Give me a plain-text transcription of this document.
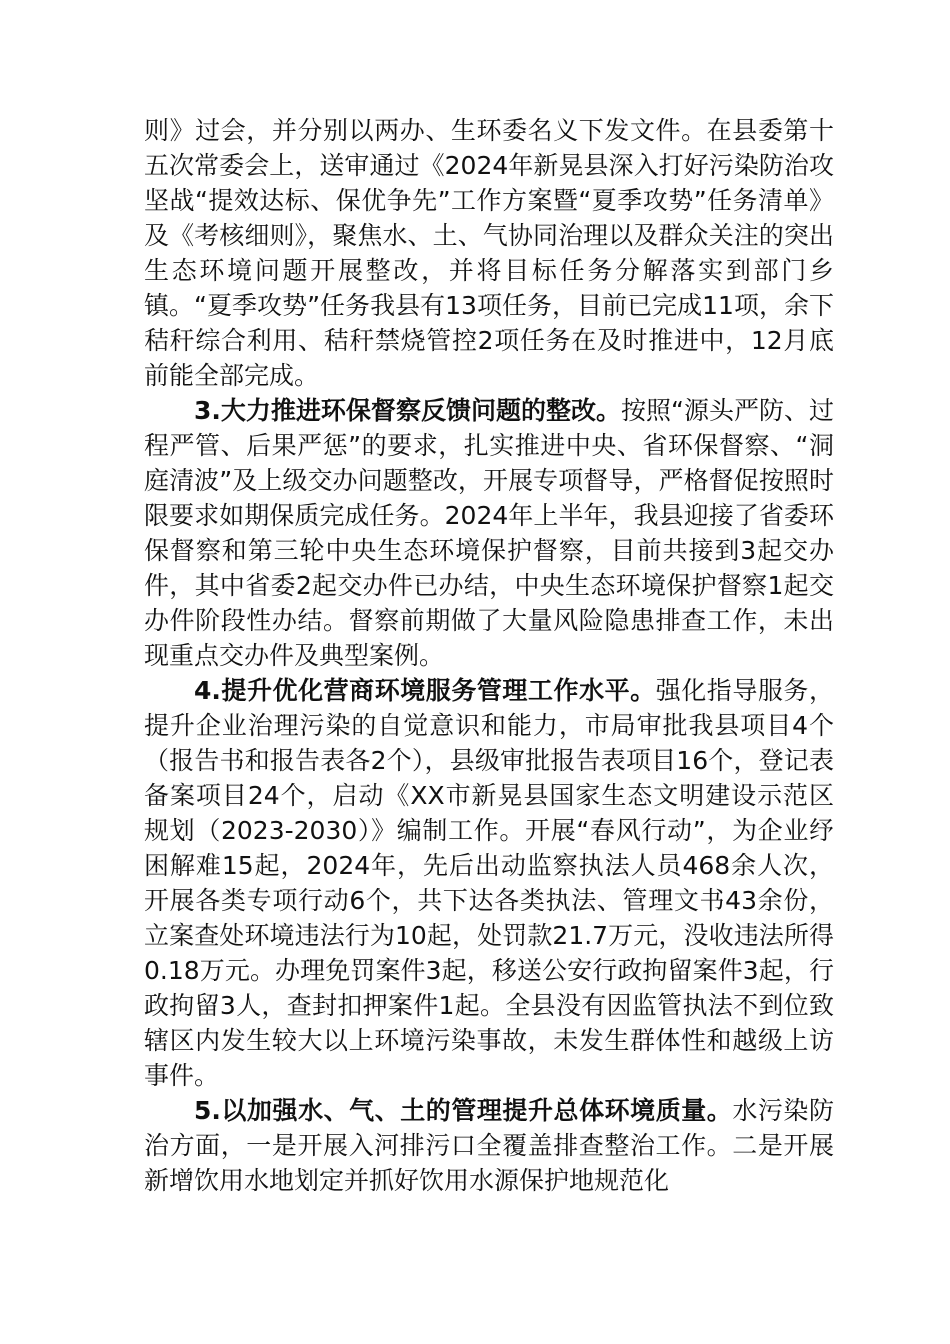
则》过会，并分别以两办、生环委名义下发文件。在县委第十五次常委会上，送审通过《2024年新晃县深入打好污染防治攻坚战“提效达标、保优争先”工作方案暨“夏季攻势”任务清单》及《考核细则》，聚焦水、土、气协同治理以及群众关注的突出生态环境问题开展整改，并将目标任务分解落实到部门乡镇。“夏季攻势”任务我县有13项任务，目前已完成11项，余下秸秆综合利用、秸秆禁烧管控2项任务在及时推进中，12月底前能全部完成。

3.大力推进环保督察反馈问题的整改。按照“源头严防、过程严管、后果严惩”的要求，扎实推进中央、省环保督察、“洞庭清波”及上级交办问题整改，开展专项督导，严格督促按照时限要求如期保质完成任务。2024年上半年，我县迎接了省委环保督察和第三轮中央生态环境保护督察，目前共接到3起交办件，其中省委2起交办件已办结，中央生态环境保护督察1起交办件阶段性办结。督察前期做了大量风险隐患排查工作，未出现重点交办件及典型案例。

4.提升优化营商环境服务管理工作水平。强化指导服务，提升企业治理污染的自觉意识和能力，市局审批我县项目4个（报告书和报告表各2个），县级审批报告表项目16个，登记表备案项目24个，启动《XX市新晃县国家生态文明建设示范区规划（2023-2030）》编制工作。开展“春风行动”，为企业纾困解难15起，2024年，先后出动监察执法人员468余人次，开展各类专项行动6个，共下达各类执法、管理文书43余份，立案查处环境违法行为10起，处罚款21.7万元，没收违法所得0.18万元。办理免罚案件3起，移送公安行政拘留案件3起，行政拘留3人，查封扣押案件1起。全县没有因监管执法不到位致辖区内发生较大以上环境污染事故，未发生群体性和越级上访事件。

5.以加强水、气、土的管理提升总体环境质量。水污染防治方面，一是开展入河排污口全覆盖排查整治工作。二是开展新增饮用水地划定并抓好饮用水源保护地规范化
